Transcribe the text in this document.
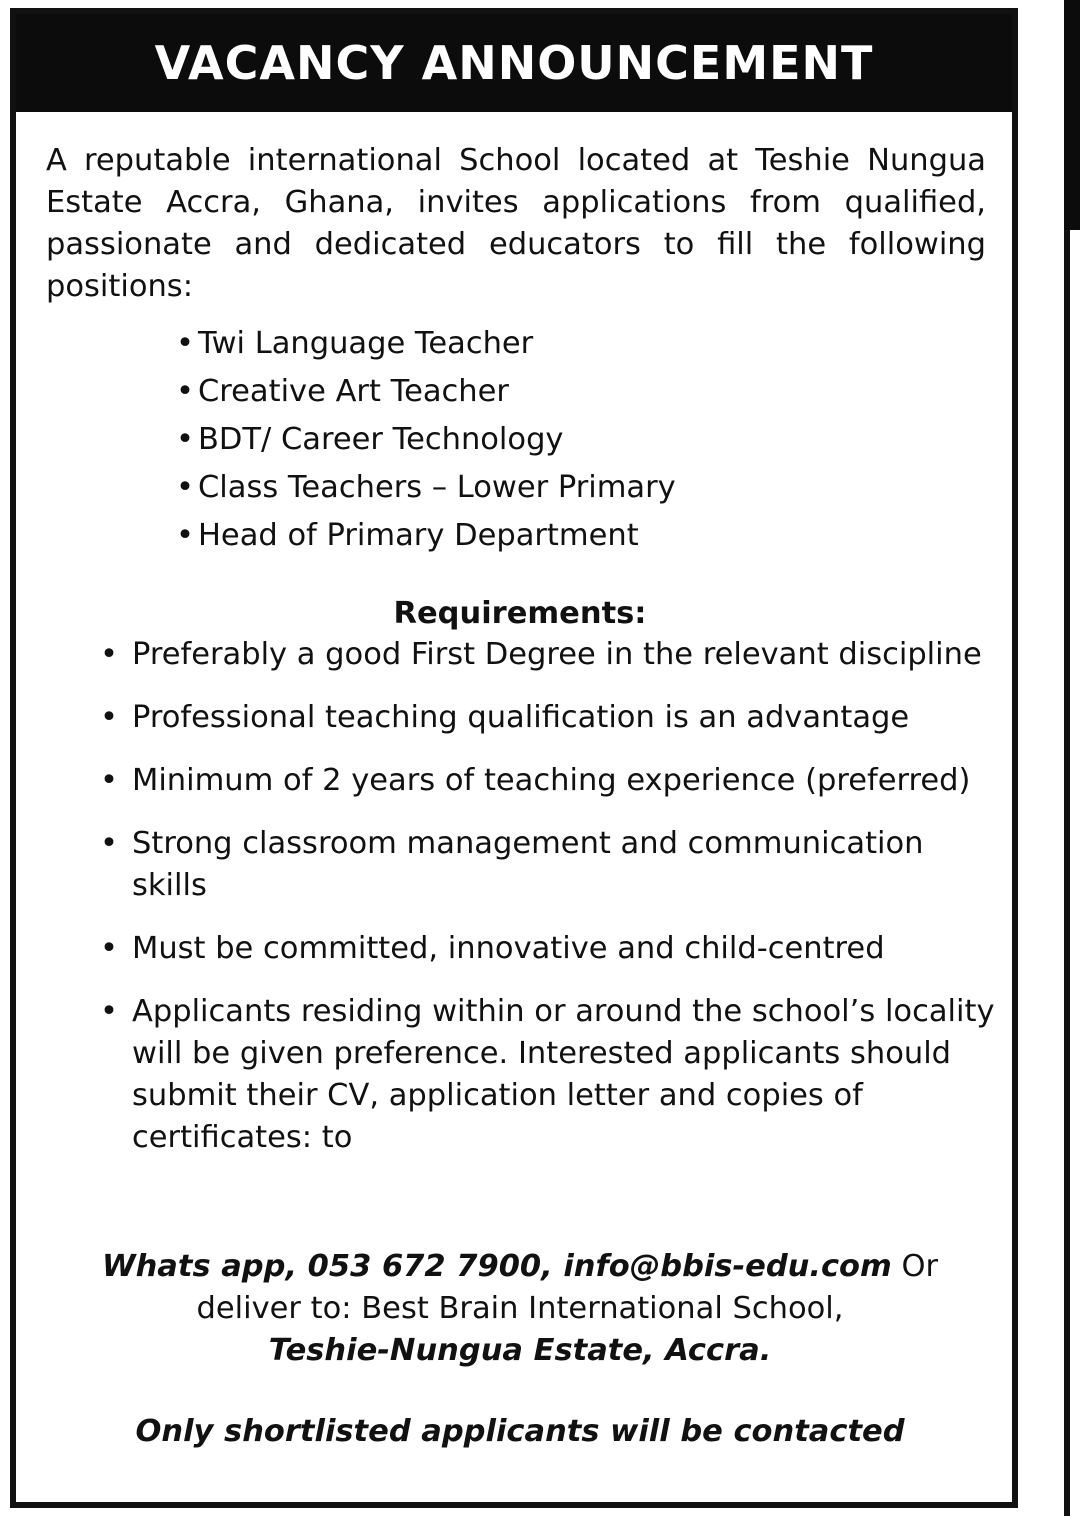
VACANCY ANNOUNCEMENT
A reputable international School located at Teshie Nungua Estate Accra, Ghana, invites applications from qualified, passionate and dedicated educators to fill the following positions:
• Twi Language Teacher
• Creative Art Teacher
• BDT/ Career Technology
• Class Teachers – Lower Primary
• Head of Primary Department
Requirements:
• Preferably a good First Degree in the relevant discipline
• Professional teaching qualification is an advantage
• Minimum of 2 years of teaching experience (preferred)
• Strong classroom management and communication skills
• Must be committed, innovative and child-centred
• Applicants residing within or around the school’s locality will be given preference. Interested applicants should submit their CV, application letter and copies of certificates: to
Whats app, 053 672 7900, info@bbis-edu.com Or
deliver to: Best Brain International School,
Teshie-Nungua Estate, Accra.
Only shortlisted applicants will be contacted
